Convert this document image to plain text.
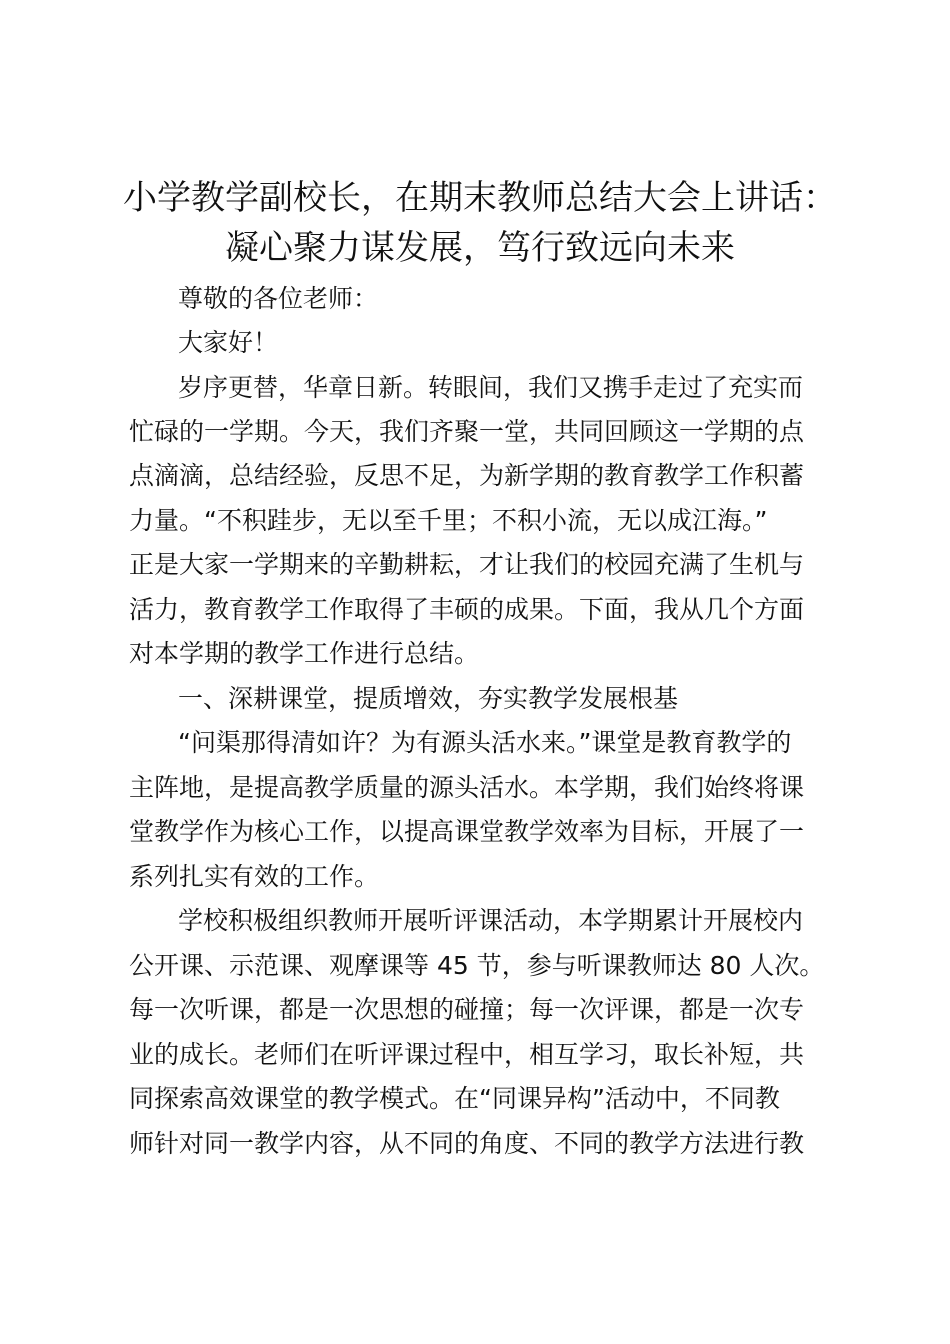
小学教学副校长，在期末教师总结大会上讲话：
凝心聚力谋发展，笃行致远向未来
尊敬的各位老师：
大家好！
岁序更替，华章日新。转眼间，我们又携手走过了充实而
忙碌的一学期。今天，我们齐聚一堂，共同回顾这一学期的点
点滴滴，总结经验，反思不足，为新学期的教育教学工作积蓄
力量。“不积跬步，无以至千里；不积小流，无以成江海。”
正是大家一学期来的辛勤耕耘，才让我们的校园充满了生机与
活力，教育教学工作取得了丰硕的成果。下面，我从几个方面
对本学期的教学工作进行总结。
一、深耕课堂，提质增效，夯实教学发展根基
“问渠那得清如许？为有源头活水来。”课堂是教育教学的
主阵地，是提高教学质量的源头活水。本学期，我们始终将课
堂教学作为核心工作，以提高课堂教学效率为目标，开展了一
系列扎实有效的工作。
学校积极组织教师开展听评课活动，本学期累计开展校内
公开课、示范课、观摩课等 45 节，参与听课教师达 80 人次。
每一次听课，都是一次思想的碰撞；每一次评课，都是一次专
业的成长。老师们在听评课过程中，相互学习，取长补短，共
同探索高效课堂的教学模式。在“同课异构”活动中，不同教
师针对同一教学内容，从不同的角度、不同的教学方法进行教
